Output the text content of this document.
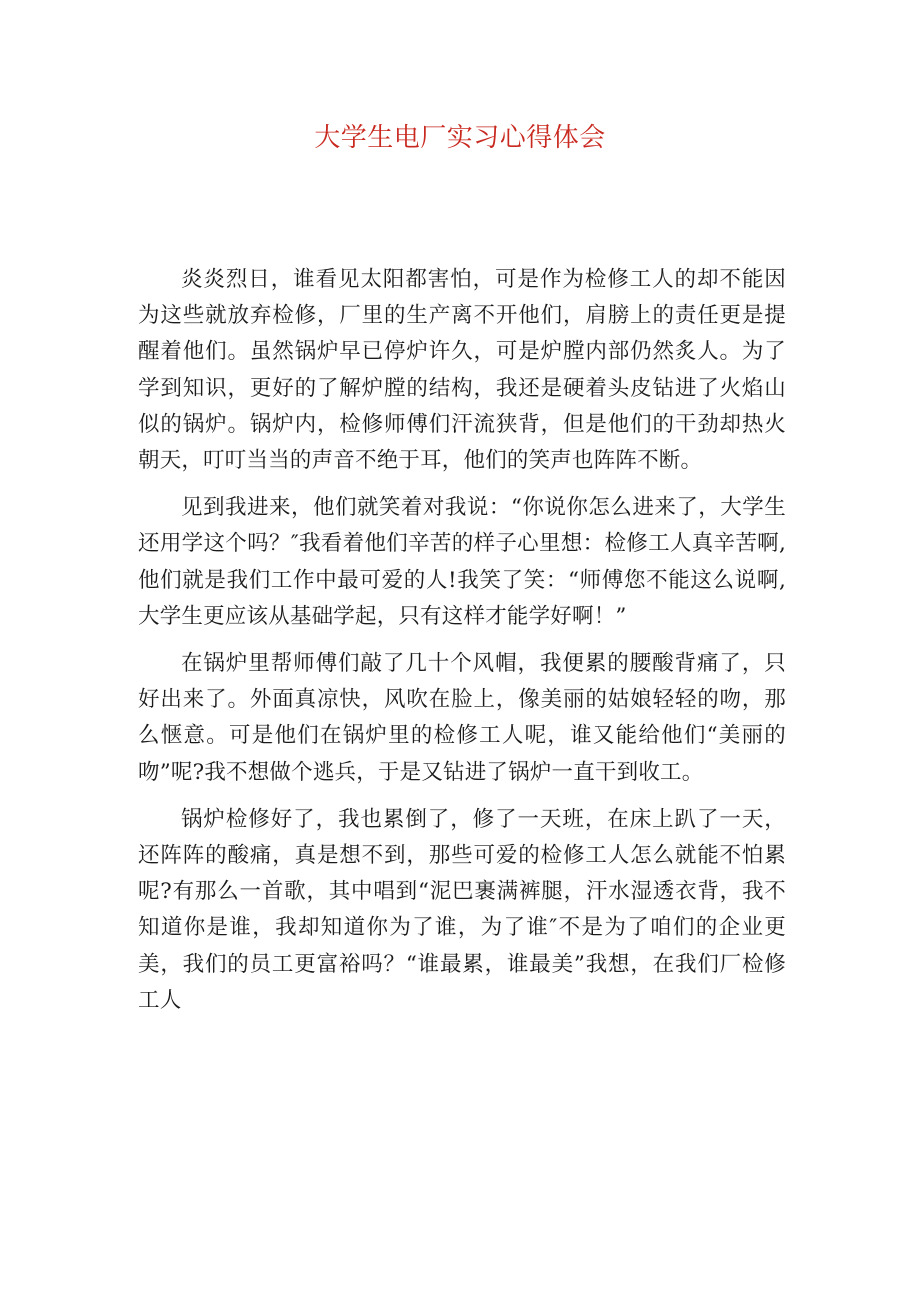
大学生电厂实习心得体会

炎炎烈日，谁看见太阳都害怕，可是作为检修工人的却不能因为这些就放弃检修，厂里的生产离不开他们，肩膀上的责任更是提醒着他们。虽然锅炉早已停炉许久，可是炉膛内部仍然炙人。为了学到知识，更好的了解炉膛的结构，我还是硬着头皮钻进了火焰山似的锅炉。锅炉内，检修师傅们汗流狭背，但是他们的干劲却热火朝天，叮叮当当的声音不绝于耳，他们的笑声也阵阵不断。

见到我进来，他们就笑着对我说：“你说你怎么进来了，大学生还用学这个吗？″我看着他们辛苦的样子心里想：检修工人真辛苦啊,他们就是我们工作中最可爱的人!我笑了笑：“师傅您不能这么说啊,大学生更应该从基础学起，只有这样才能学好啊！”

在锅炉里帮师傅们敲了几十个风帽，我便累的腰酸背痛了，只好出来了。外面真凉快，风吹在脸上，像美丽的姑娘轻轻的吻，那么惬意。可是他们在锅炉里的检修工人呢，谁又能给他们“美丽的吻”呢?我不想做个逃兵，于是又钻进了锅炉一直干到收工。

锅炉检修好了，我也累倒了，修了一天班，在床上趴了一天，还阵阵的酸痛，真是想不到，那些可爱的检修工人怎么就能不怕累呢?有那么一首歌，其中唱到“泥巴裹满裤腿，汗水湿透衣背，我不知道你是谁，我却知道你为了谁，为了谁″不是为了咱们的企业更美，我们的员工更富裕吗？“谁最累，谁最美”我想，在我们厂检修工人
